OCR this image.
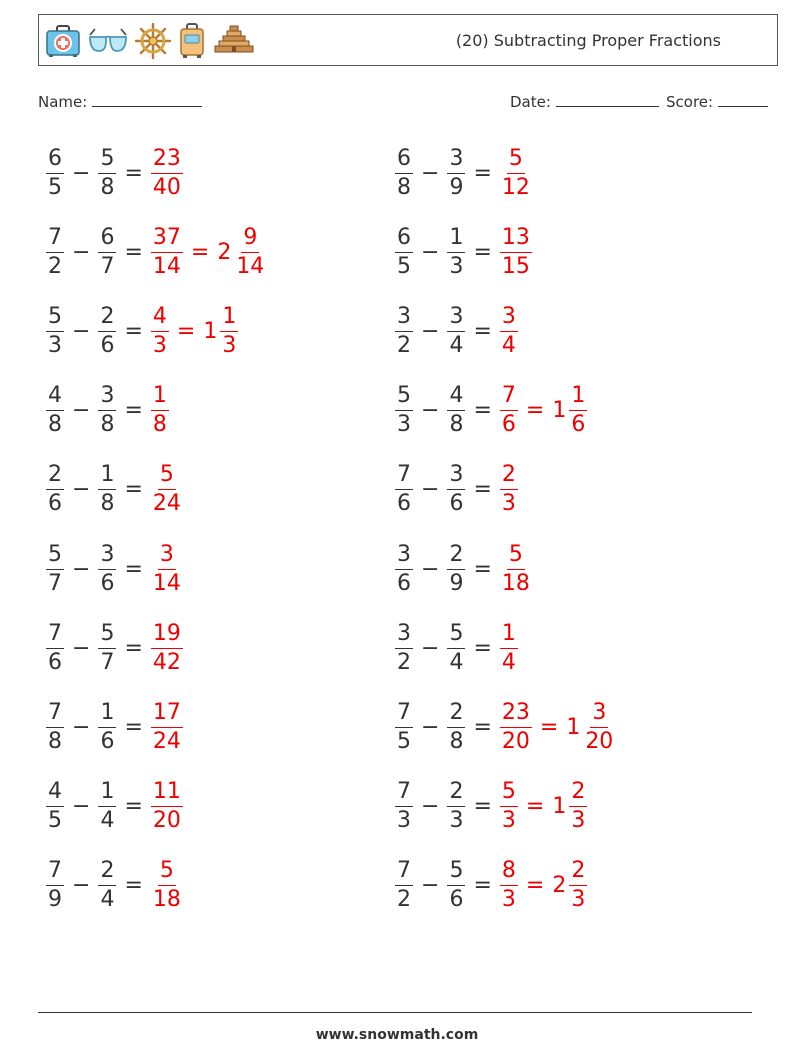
(20) Subtracting Proper Fractions
Name:	Date:	Score:
$\frac{6}{5} - \frac{5}{8} = \frac{23}{40}$	$\frac{6}{8} - \frac{3}{9} = \frac{5}{12}$
$\frac{7}{2} - \frac{6}{7} = \frac{37}{14} = 2 \frac{9}{14}$	$\frac{6}{5} - \frac{1}{3} = \frac{13}{15}$
$\frac{5}{3} - \frac{2}{6} = \frac{4}{3} = 1 \frac{1}{3}$	$\frac{3}{2} - \frac{3}{4} = \frac{3}{4}$
$\frac{4}{8} - \frac{3}{8} = \frac{1}{8}$	$\frac{5}{3} - \frac{4}{8} = \frac{7}{6} = 1 \frac{1}{6}$
$\frac{2}{6} - \frac{1}{8} = \frac{5}{24}$	$\frac{7}{6} - \frac{3}{6} = \frac{2}{3}$
$\frac{5}{7} - \frac{3}{6} = \frac{3}{14}$	$\frac{3}{6} - \frac{2}{9} = \frac{5}{18}$
$\frac{7}{6} - \frac{5}{7} = \frac{19}{42}$	$\frac{3}{2} - \frac{5}{4} = \frac{1}{4}$
$\frac{7}{8} - \frac{1}{6} = \frac{17}{24}$	$\frac{7}{5} - \frac{2}{8} = \frac{23}{20} = 1 \frac{3}{20}$
$\frac{4}{5} - \frac{1}{4} = \frac{11}{20}$	$\frac{7}{3} - \frac{2}{3} = \frac{5}{3} = 1 \frac{2}{3}$
$\frac{7}{9} - \frac{2}{4} = \frac{5}{18}$	$\frac{7}{2} - \frac{5}{6} = \frac{8}{3} = 2 \frac{2}{3}$
www.snowmath.com
